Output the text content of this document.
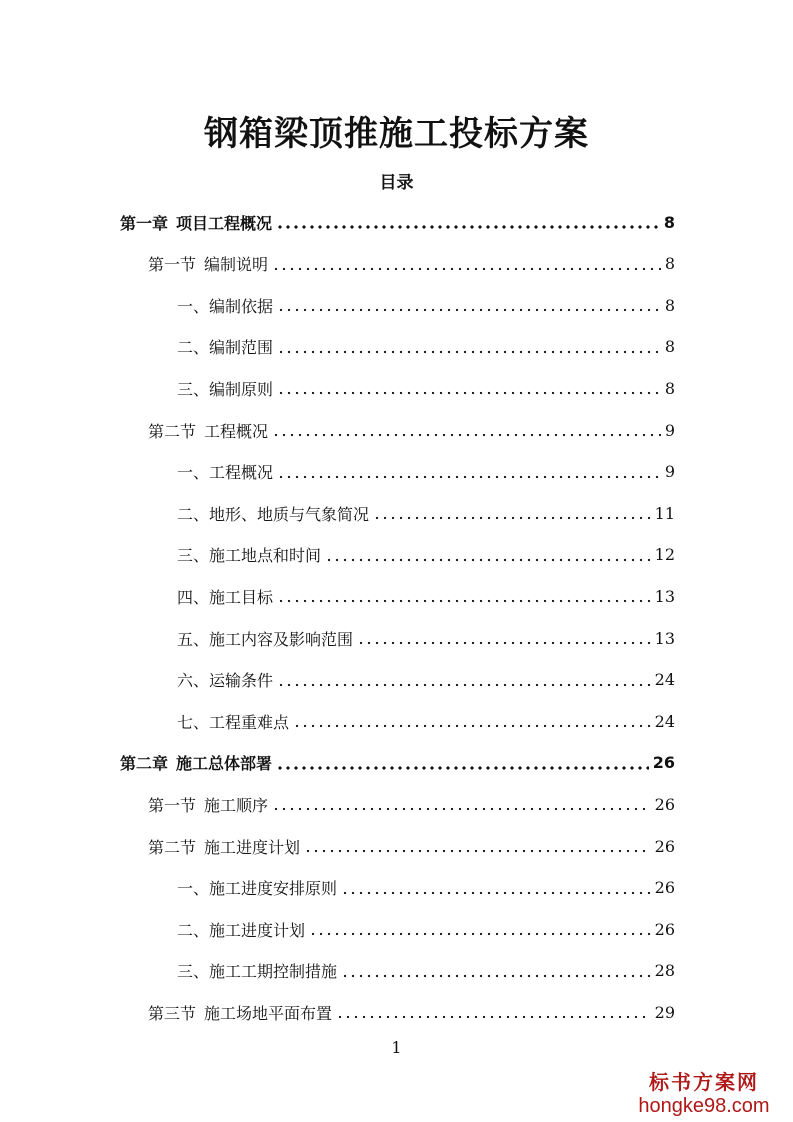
钢箱梁顶推施工投标方案
目录
第一章 项目工程概况	8
第一节 编制说明	8
一、编制依据	8
二、编制范围	8
三、编制原则	8
第二节 工程概况	9
一、工程概况	9
二、地形、地质与气象简况	11
三、施工地点和时间	12
四、施工目标	13
五、施工内容及影响范围	13
六、运输条件	24
七、工程重难点	24
第二章 施工总体部署	26
第一节 施工顺序	26
第二节 施工进度计划	26
一、施工进度安排原则	26
二、施工进度计划	26
三、施工工期控制措施	28
第三节 施工场地平面布置	29
1
标书方案网
hongke98.com
